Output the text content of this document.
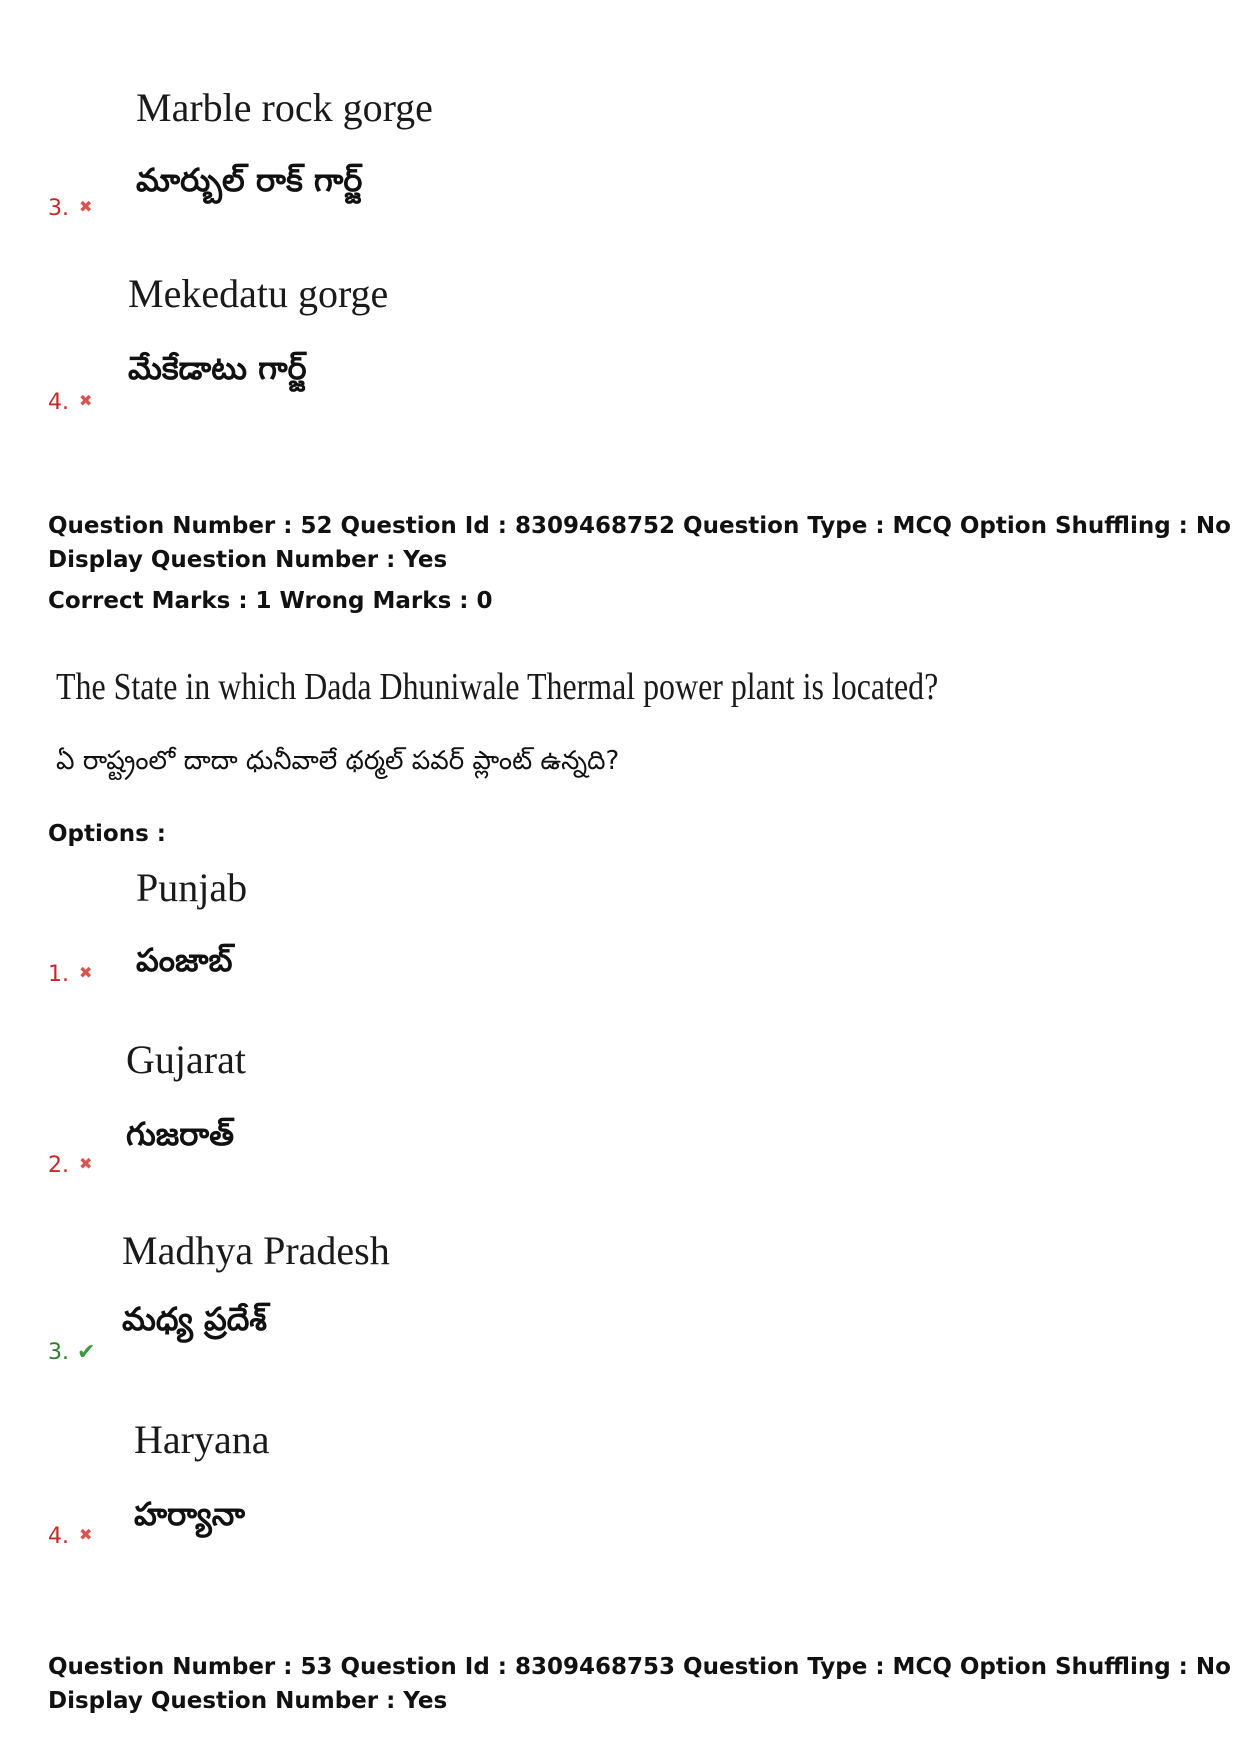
Marble rock gorge
మార్బుల్ రాక్ గార్జ్
3. ✖
Mekedatu gorge
మేకేడాటు గార్జ్
4. ✖
Question Number : 52 Question Id : 8309468752 Question Type : MCQ Option Shuffling : No
Display Question Number : Yes
Correct Marks : 1 Wrong Marks : 0
The State in which Dada Dhuniwale Thermal power plant is located?
ఏ రాష్ట్రంలో దాదా ధునీవాలే థర్మల్ పవర్ ప్లాంట్ ఉన్నది?
Options :
Punjab
పంజాబ్
1. ✖
Gujarat
గుజరాత్
2. ✖
Madhya Pradesh
మధ్య ప్రదేశ్
3. ✔
Haryana
హర్యానా
4. ✖
Question Number : 53 Question Id : 8309468753 Question Type : MCQ Option Shuffling : No
Display Question Number : Yes
